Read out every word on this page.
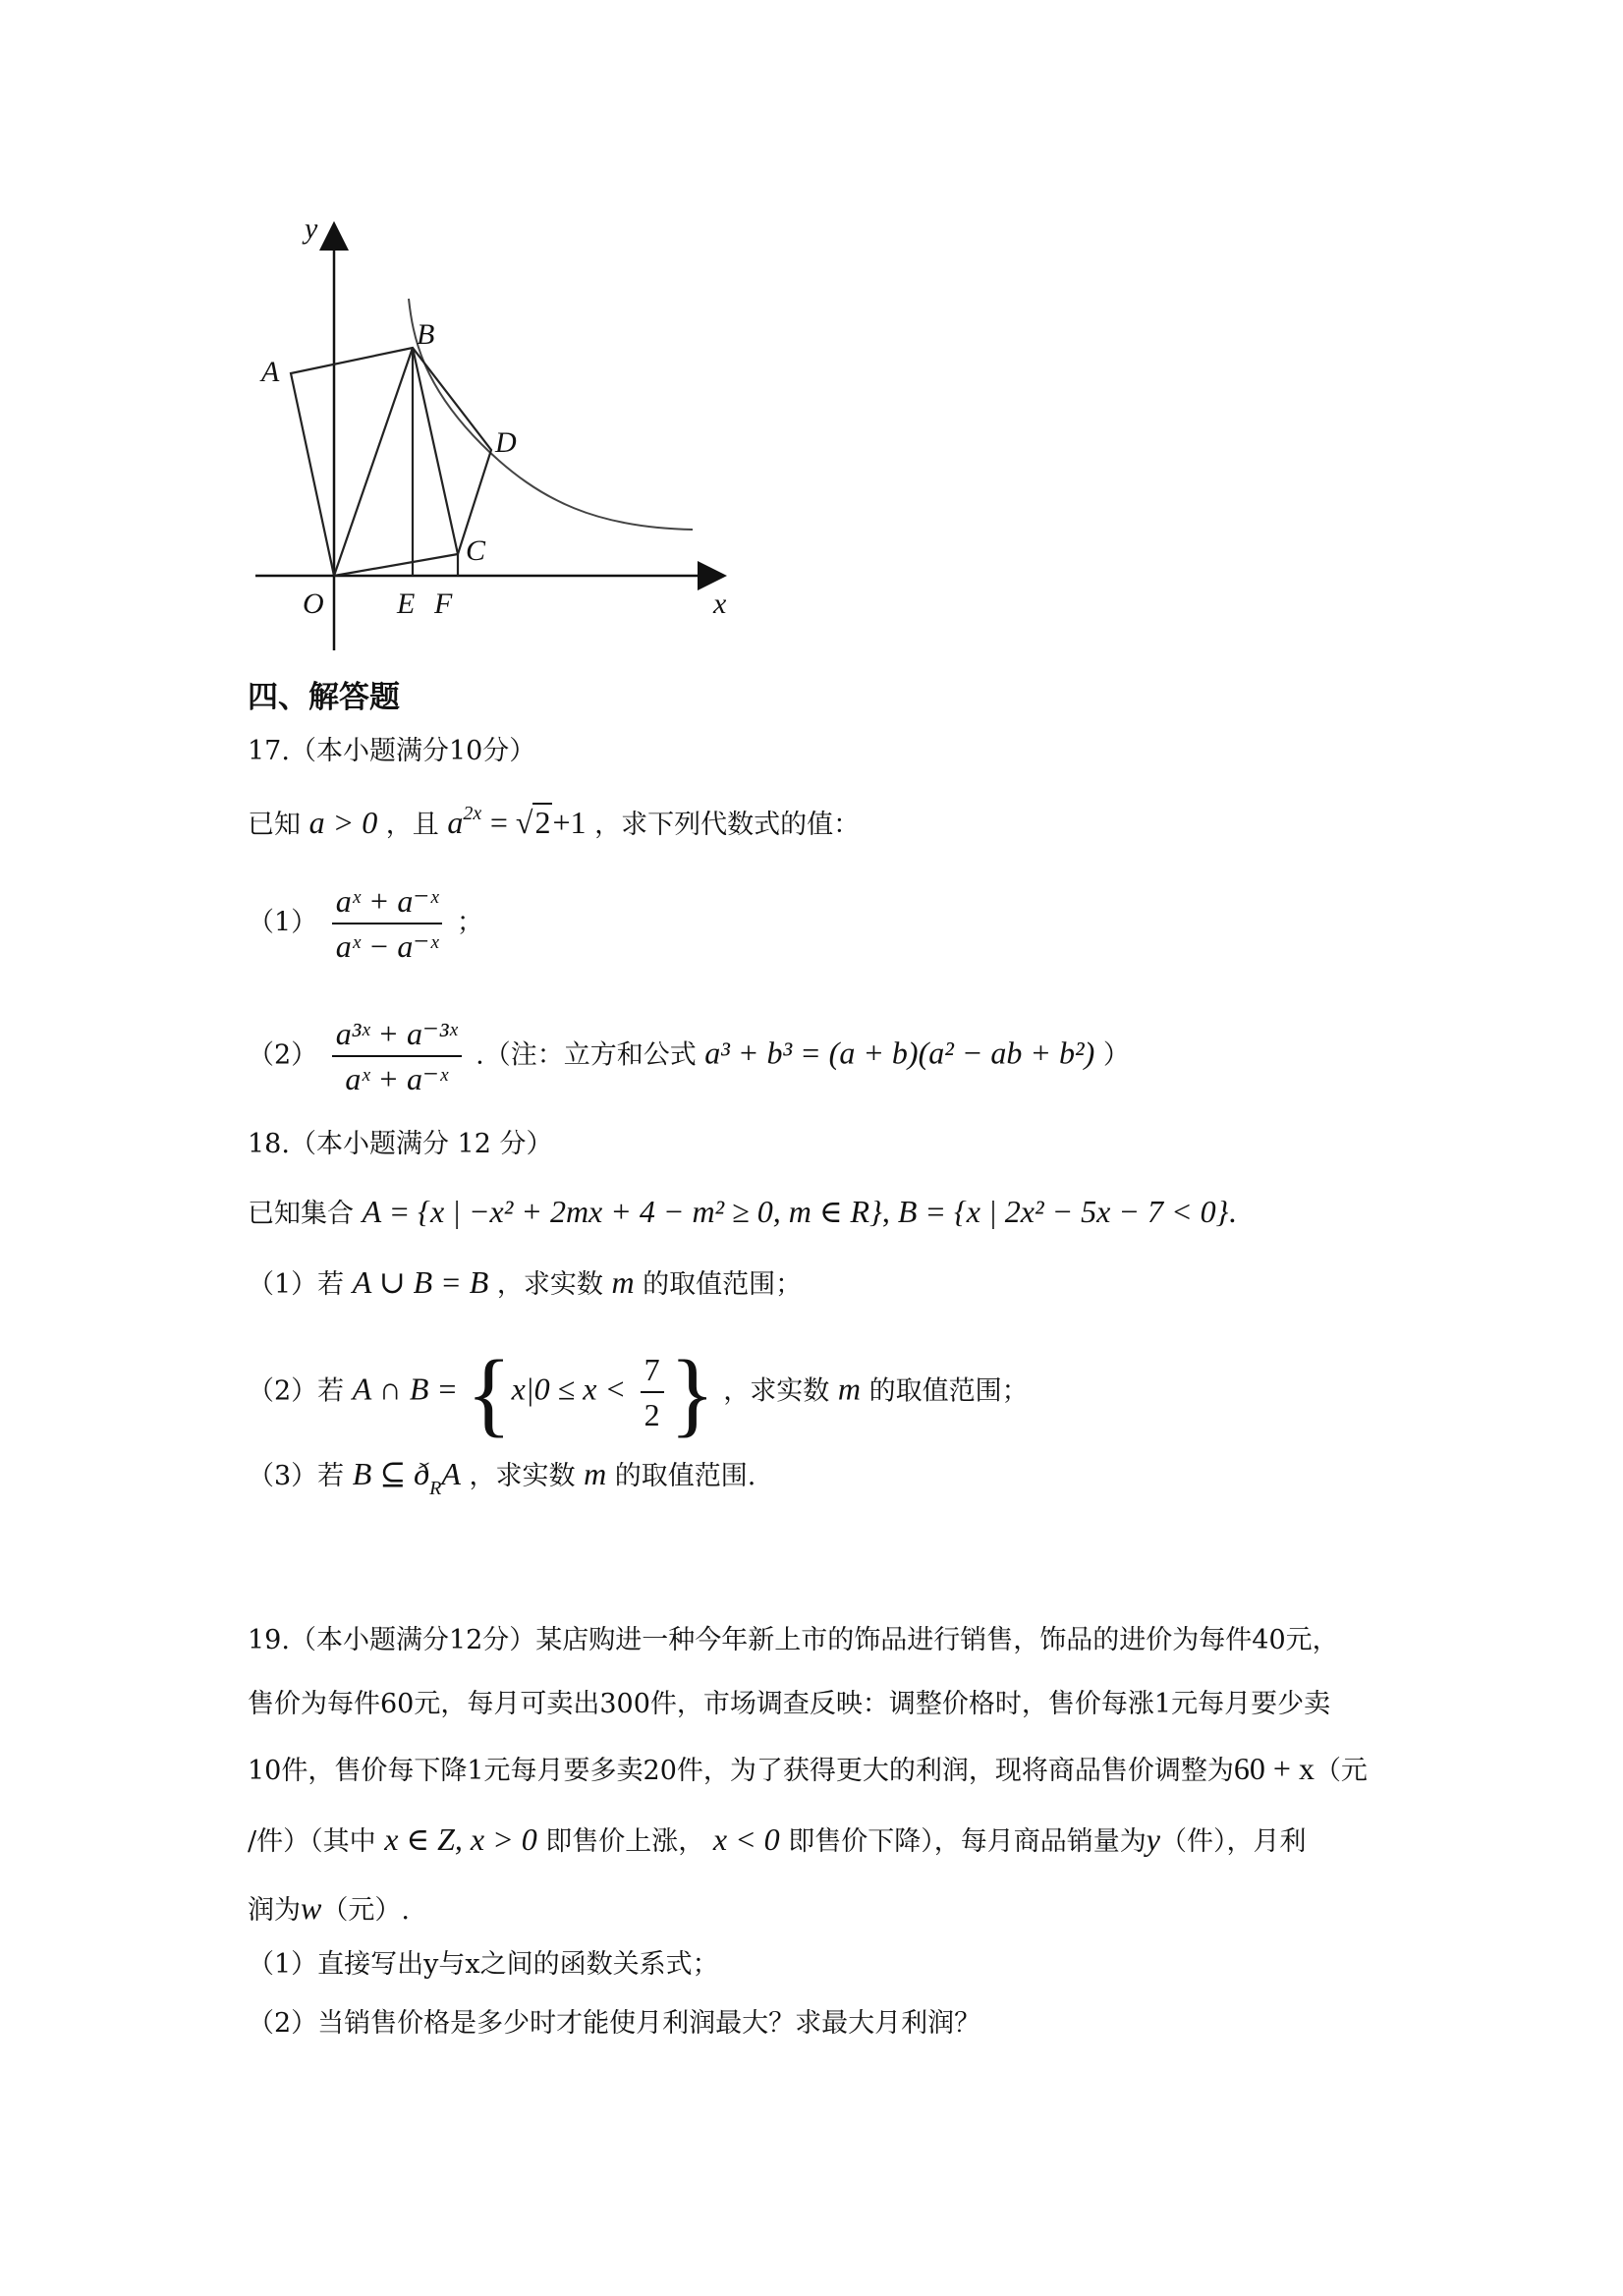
y
x
A
B
C
D
O E F
四、解答题
17.（本小题满分10分）
已知 a > 0 ，且 $a^{2x} = √2+1$ ，求下列代数式的值：
$(1) \frac{\text{aˣ + a⁻ˣ}}{\text{aˣ − a⁻ˣ}}$ ；
$(2) \frac{\text{a³ˣ + a⁻³ˣ}}{\text{aˣ + a⁻ˣ}}$ .（注：立方和公式 a³ + b³ = (a + b)(a² − ab + b²) ）
18.（本小题满分 12 分）
已知集合 A = {x | −x² + 2mx + 4 − m² ≥ 0, m ∈ R}, B = {x | 2x² − 5x − 7 < 0}.
（1）若 A ∪ B = B ，求实数 m 的取值范围；
（2）若 A ∩ $B = \{x|0 \le x < \frac{7}{2}$ } ，求实数 m 的取值范围；
（3）若 B ⊆ $ð_RA$ ，求实数 m 的取值范围.
19.（本小题满分12分）某店购进一种今年新上市的饰品进行销售，饰品的进价为每件40元，
售价为每件60元，每月可卖出300件，市场调查反映：调整价格时，售价每涨1元每月要少卖
10件，售价每下降1元每月要多卖20件，为了获得更大的利润，现将商品售价调整为60 + x（元
/件）（其中 x ∈ Z, x > 0 即售价上涨， x < 0 即售价下降），每月商品销量为y（件），月利
润为w（元）.
（1）直接写出y与x之间的函数关系式；
（2）当销售价格是多少时才能使月利润最大？求最大月利润？
